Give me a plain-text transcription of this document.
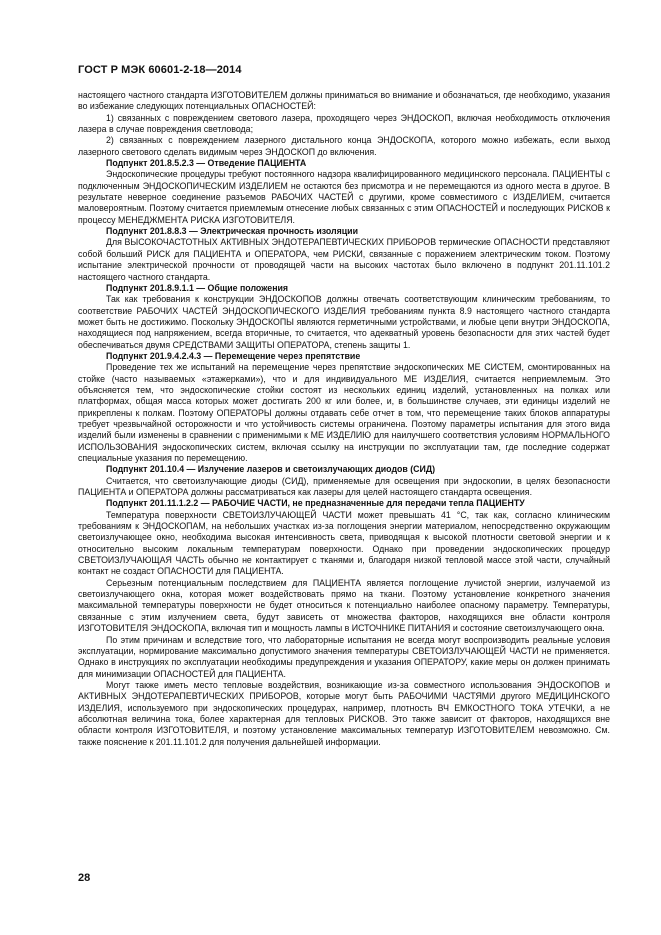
ГОСТ Р МЭК 60601-2-18—2014

настоящего частного стандарта ИЗГОТОВИТЕЛЕМ должны приниматься во внимание и обозначаться, где необходимо, указания во избежание следующих потенциальных ОПАСНОСТЕЙ:

1) связанных с повреждением светового лазера, проходящего через ЭНДОСКОП, включая необходимость отключения лазера в случае повреждения светловода;

2) связанных с повреждением лазерного дистального конца ЭНДОСКОПА, которого можно избежать, если выход лазерного светового сделать видимым через ЭНДОСКОП до включения.

Подпункт 201.8.5.2.3 — Отведение ПАЦИЕНТА

Эндоскопические процедуры требуют постоянного надзора квалифицированного медицинского персонала. ПАЦИЕНТЫ с подключенным ЭНДОСКОПИЧЕСКИМ ИЗДЕЛИЕМ не остаются без присмотра и не перемещаются из одного места в другое. В результате неверное соединение разъемов РАБОЧИХ ЧАСТЕЙ с другими, кроме совместимого с ИЗДЕЛИЕМ, считается маловероятным. Поэтому считается приемлемым отнесение любых связанных с этим ОПАСНОСТЕЙ и последующих РИСКОВ к процессу МЕНЕДЖМЕНТА РИСКА ИЗГОТОВИТЕЛЯ.

Подпункт 201.8.8.3 — Электрическая прочность изоляции

Для ВЫСОКОЧАСТОТНЫХ АКТИВНЫХ ЭНДОТЕРАПЕВТИЧЕСКИХ ПРИБОРОВ термические ОПАСНОСТИ представляют собой больший РИСК для ПАЦИЕНТА и ОПЕРАТОРА, чем РИСКИ, связанные с поражением электрическим током. Поэтому испытание электрической прочности от проводящей части на высоких частотах было включено в подпункт 201.11.101.2 настоящего частного стандарта.

Подпункт 201.8.9.1.1 — Общие положения

Так как требования к конструкции ЭНДОСКОПОВ должны отвечать соответствующим клиническим требованиям, то соответствие РАБОЧИХ ЧАСТЕЙ ЭНДОСКОПИЧЕСКОГО ИЗДЕЛИЯ требованиям пункта 8.9 настоящего частного стандарта может быть не достижимо. Поскольку ЭНДОСКОПЫ являются герметичными устройствами, и любые цепи внутри ЭНДОСКОПА, находящиеся под напряжением, всегда вторичные, то считается, что адекватный уровень безопасности для этих частей будет обеспечиваться двумя СРЕДСТВАМИ ЗАЩИТЫ ОПЕРАТОРА, степень защиты 1.

Подпункт 201.9.4.2.4.3 — Перемещение через препятствие

Проведение тех же испытаний на перемещение через препятствие эндоскопических МЕ СИСТЕМ, смонтированных на стойке (часто называемых «этажерками»), что и для индивидуального МЕ ИЗДЕЛИЯ, считается неприемлемым. Это объясняется тем, что эндоскопические стойки состоят из нескольких единиц изделий, установленных на полках или платформах, общая масса которых может достигать 200 кг или более, и, в большинстве случаев, эти единицы изделий не прикреплены к полкам. Поэтому ОПЕРАТОРЫ должны отдавать себе отчет в том, что перемещение таких блоков аппаратуры требует чрезвычайной осторожности и что устойчивость системы ограничена. Поэтому параметры испытания для этого вида изделий были изменены в сравнении с применимыми к МЕ ИЗДЕЛИЮ для наилучшего соответствия условиям НОРМАЛЬНОГО ИСПОЛЬЗОВАНИЯ эндоскопических систем, включая ссылку на инструкции по эксплуатации там, где последние содержат специальные указания по перемещению.

Подпункт 201.10.4 — Излучение лазеров и светоизлучающих диодов (СИД)

Считается, что светоизлучающие диоды (СИД), применяемые для освещения при эндоскопии, в целях безопасности ПАЦИЕНТА и ОПЕРАТОРА должны рассматриваться как лазеры для целей настоящего стандарта освещения.

Подпункт 201.11.1.2.2 — РАБОЧИЕ ЧАСТИ, не предназначенные для передачи тепла ПАЦИЕНТУ

Температура поверхности СВЕТОИЗЛУЧАЮЩЕЙ ЧАСТИ может превышать 41 °С, так как, согласно клиническим требованиям к ЭНДОСКОПАМ, на небольших участках из-за поглощения энергии материалом, непосредственно окружающим светоизлучающее окно, необходима высокая интенсивность света, приводящая к высокой плотности световой энергии и к относительно высоким локальным температурам поверхности. Однако при проведении эндоскопических процедур СВЕТОИЗЛУЧАЮЩАЯ ЧАСТЬ обычно не контактирует с тканями и, благодаря низкой тепловой массе этой части, случайный контакт не создаст ОПАСНОСТИ для ПАЦИЕНТА.

Серьезным потенциальным последствием для ПАЦИЕНТА является поглощение лучистой энергии, излучаемой из светоизлучающего окна, которая может воздействовать прямо на ткани. Поэтому установление конкретного значения максимальной температуры поверхности не будет относиться к потенциально наиболее опасному параметру. Температуры, связанные с этим излучением света, будут зависеть от множества факторов, находящихся вне области контроля ИЗГОТОВИТЕЛЯ ЭНДОСКОПА, включая тип и мощность лампы в ИСТОЧНИКЕ ПИТАНИЯ и состояние светоизлучающего окна.

По этим причинам и вследствие того, что лабораторные испытания не всегда могут воспроизводить реальные условия эксплуатации, нормирование максимально допустимого значения температуры СВЕТОИЗЛУЧАЮЩЕЙ ЧАСТИ не применяется. Однако в инструкциях по эксплуатации необходимы предупреждения и указания ОПЕРАТОРУ, какие меры он должен принимать для минимизации ОПАСНОСТЕЙ для ПАЦИЕНТА.

Могут также иметь место тепловые воздействия, возникающие из-за совместного использования ЭНДОСКОПОВ и АКТИВНЫХ ЭНДОТЕРАПЕВТИЧЕСКИХ ПРИБОРОВ, которые могут быть РАБОЧИМИ ЧАСТЯМИ другого МЕДИЦИНСКОГО ИЗДЕЛИЯ, используемого при эндоскопических процедурах, например, плотность ВЧ ЕМКОСТНОГО ТОКА УТЕЧКИ, а не абсолютная величина тока, более характерная для тепловых РИСКОВ. Это также зависит от факторов, находящихся вне области контроля ИЗГОТОВИТЕЛЯ, и поэтому установление максимальных температур ИЗГОТОВИТЕЛЕМ невозможно. См. также пояснение к 201.11.101.2 для получения дальнейшей информации.

28
